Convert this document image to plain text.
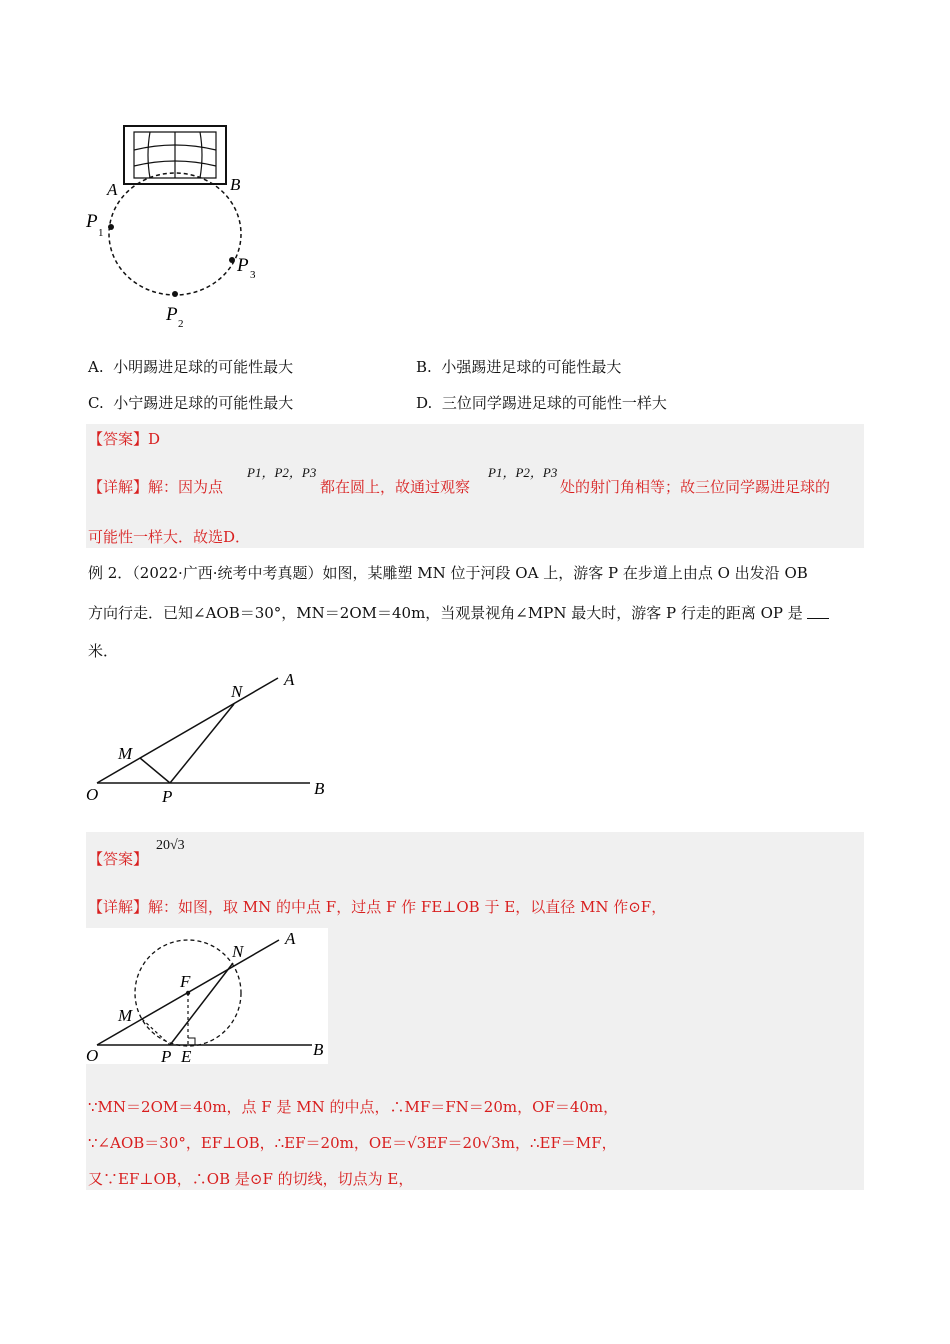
A	B
P
1
P 3
P 2
A. 小明踢进足球的可能性最大	B. 小强踢进足球的可能性最大
C. 小宁踢进足球的可能性最大	D. 三位同学踢进足球的可能性一样大
【答案】D
【详解】解：因为点
P1，P2，P3
都在圆上，故通过观察
P1，P2，P3
处的射门角相等；故三位同学踢进足球的
可能性一样大．故选D．
例 2．（2022·广西·统考中考真题）如图，某雕塑 MN 位于河段 OA 上，游客 P 在步道上由点 O 出发沿 OB
方向行走．已知∠AOB＝30°，MN＝2OM＝40m，当观景视角∠MPN 最大时，游客 P 行走的距离 OP 是
米．
A
N
M
O	P	B
20√3
【答案】
【详解】解：如图，取 MN 的中点 F，过点 F 作 FE⊥OB 于 E，以直径 MN 作⊙F，
A
N
F
M
O	P E	B
∵MN＝2OM＝40m，点 F 是 MN 的中点，∴MF＝FN＝20m，OF＝40m，
∵∠AOB＝30°，EF⊥OB，∴EF＝20m，OE＝√3EF＝20√3m，∴EF＝MF，
又∵EF⊥OB，∴OB 是⊙F 的切线，切点为 E，
